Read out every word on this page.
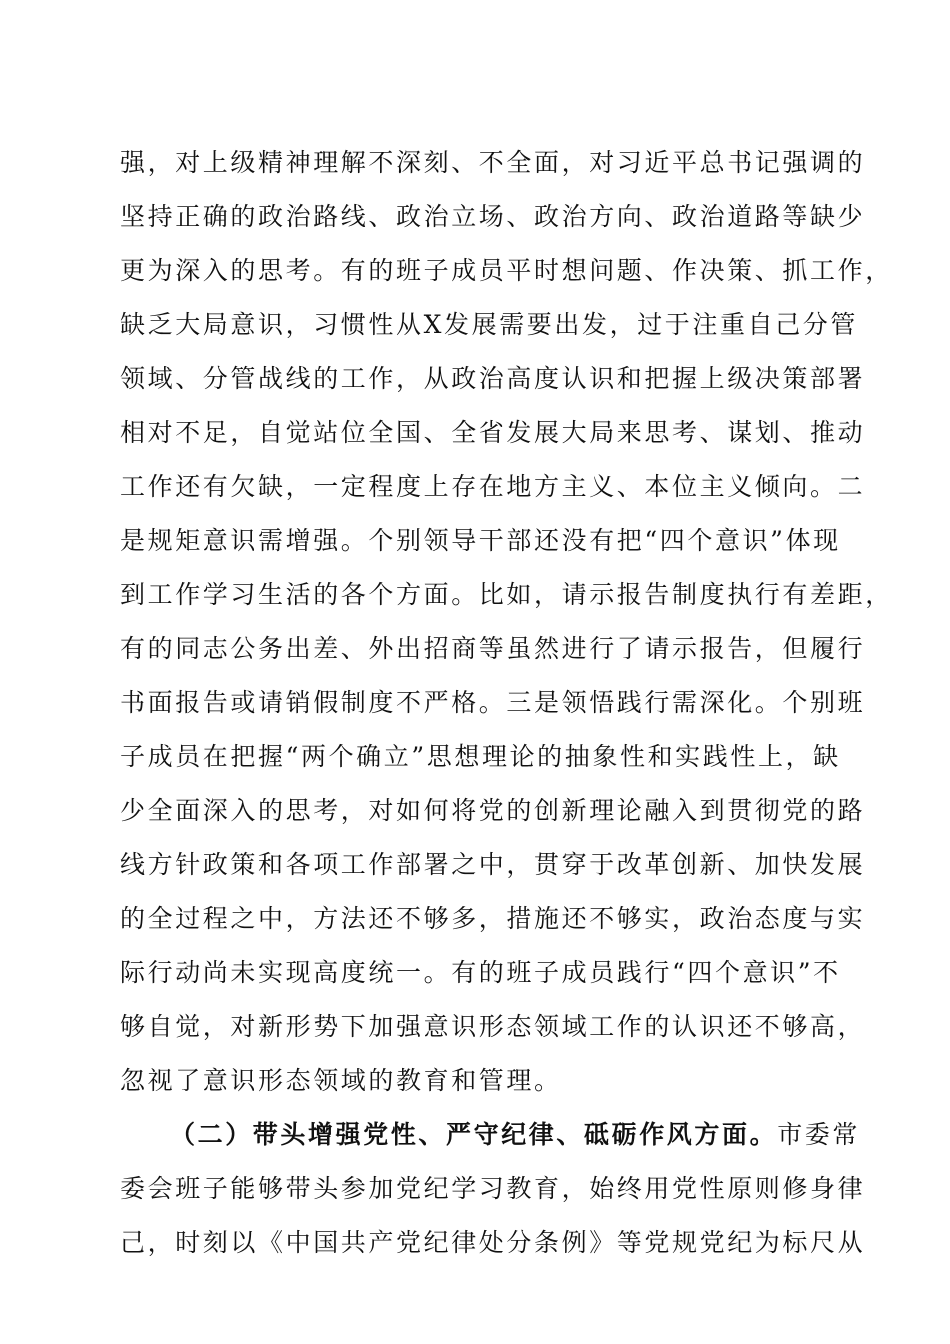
强，对上级精神理解不深刻、不全面，对习近平总书记强调的
坚持正确的政治路线、政治立场、政治方向、政治道路等缺少
更为深入的思考。有的班子成员平时想问题、作决策、抓工作，
缺乏大局意识，习惯性从X发展需要出发，过于注重自己分管
领域、分管战线的工作，从政治高度认识和把握上级决策部署
相对不足，自觉站位全国、全省发展大局来思考、谋划、推动
工作还有欠缺，一定程度上存在地方主义、本位主义倾向。二
是规矩意识需增强。个别领导干部还没有把“四个意识”体现
到工作学习生活的各个方面。比如，请示报告制度执行有差距，
有的同志公务出差、外出招商等虽然进行了请示报告，但履行
书面报告或请销假制度不严格。三是领悟践行需深化。个别班
子成员在把握“两个确立”思想理论的抽象性和实践性上，缺
少全面深入的思考，对如何将党的创新理论融入到贯彻党的路
线方针政策和各项工作部署之中，贯穿于改革创新、加快发展
的全过程之中，方法还不够多，措施还不够实，政治态度与实
际行动尚未实现高度统一。有的班子成员践行“四个意识”不
够自觉，对新形势下加强意识形态领域工作的认识还不够高，
忽视了意识形态领域的教育和管理。
（二）带头增强党性、严守纪律、砥砺作风方面。市委常
委会班子能够带头参加党纪学习教育，始终用党性原则修身律
己，时刻以《中国共产党纪律处分条例》等党规党纪为标尺从
